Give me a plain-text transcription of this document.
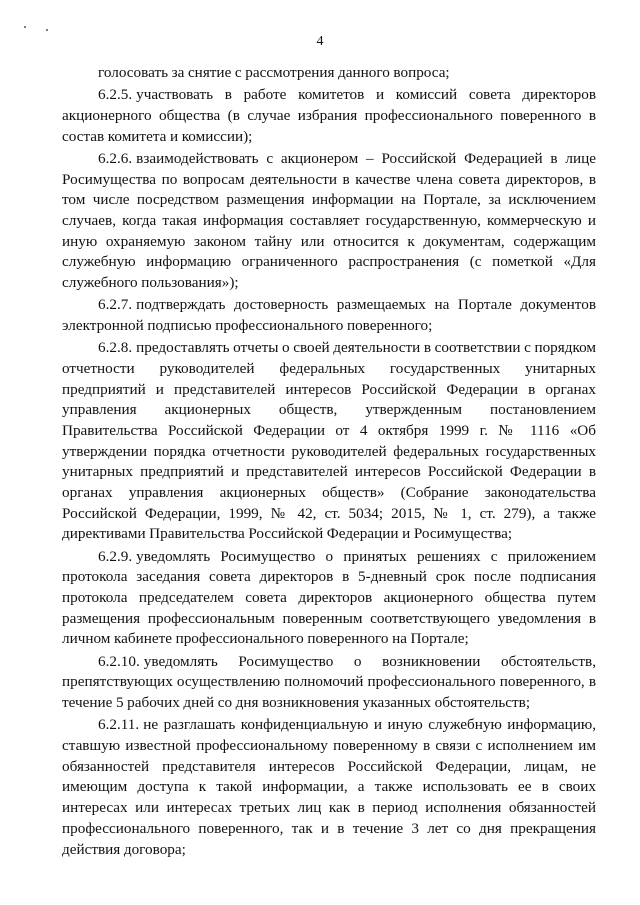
4

голосовать за снятие с рассмотрения данного вопроса;

6.2.5. участвовать в работе комитетов и комиссий совета директоров акционерного общества (в случае избрания профессионального поверенного в состав комитета и комиссии);

6.2.6. взаимодействовать с акционером – Российской Федерацией в лице Росимущества по вопросам деятельности в качестве члена совета директоров, в том числе посредством размещения информации на Портале, за исключением случаев, когда такая информация составляет государственную, коммерческую и иную охраняемую законом тайну или относится к документам, содержащим служебную информацию ограниченного распространения (с пометкой «Для служебного пользования»);

6.2.7. подтверждать достоверность размещаемых на Портале документов электронной подписью профессионального поверенного;

6.2.8. предоставлять отчеты о своей деятельности в соответствии с порядком отчетности руководителей федеральных государственных унитарных предприятий и представителей интересов Российской Федерации в органах управления акционерных обществ, утвержденным постановлением Правительства Российской Федерации от 4 октября 1999 г. № 1116 «Об утверждении порядка отчетности руководителей федеральных государственных унитарных предприятий и представителей интересов Российской Федерации в органах управления акционерных обществ» (Собрание законодательства Российской Федерации, 1999, № 42, ст. 5034; 2015, № 1, ст. 279), а также директивами Правительства Российской Федерации и Росимущества;

6.2.9. уведомлять Росимущество о принятых решениях с приложением протокола заседания совета директоров в 5-дневный срок после подписания протокола председателем совета директоров акционерного общества путем размещения профессиональным поверенным соответствующего уведомления в личном кабинете профессионального поверенного на Портале;

6.2.10. уведомлять Росимущество о возникновении обстоятельств, препятствующих осуществлению полномочий профессионального поверенного, в течение 5 рабочих дней со дня возникновения указанных обстоятельств;

6.2.11. не разглашать конфиденциальную и иную служебную информацию, ставшую известной профессиональному поверенному в связи с исполнением им обязанностей представителя интересов Российской Федерации, лицам, не имеющим доступа к такой информации, а также использовать ее в своих интересах или интересах третьих лиц как в период исполнения обязанностей профессионального поверенного, так и в течение 3 лет со дня прекращения действия договора;
